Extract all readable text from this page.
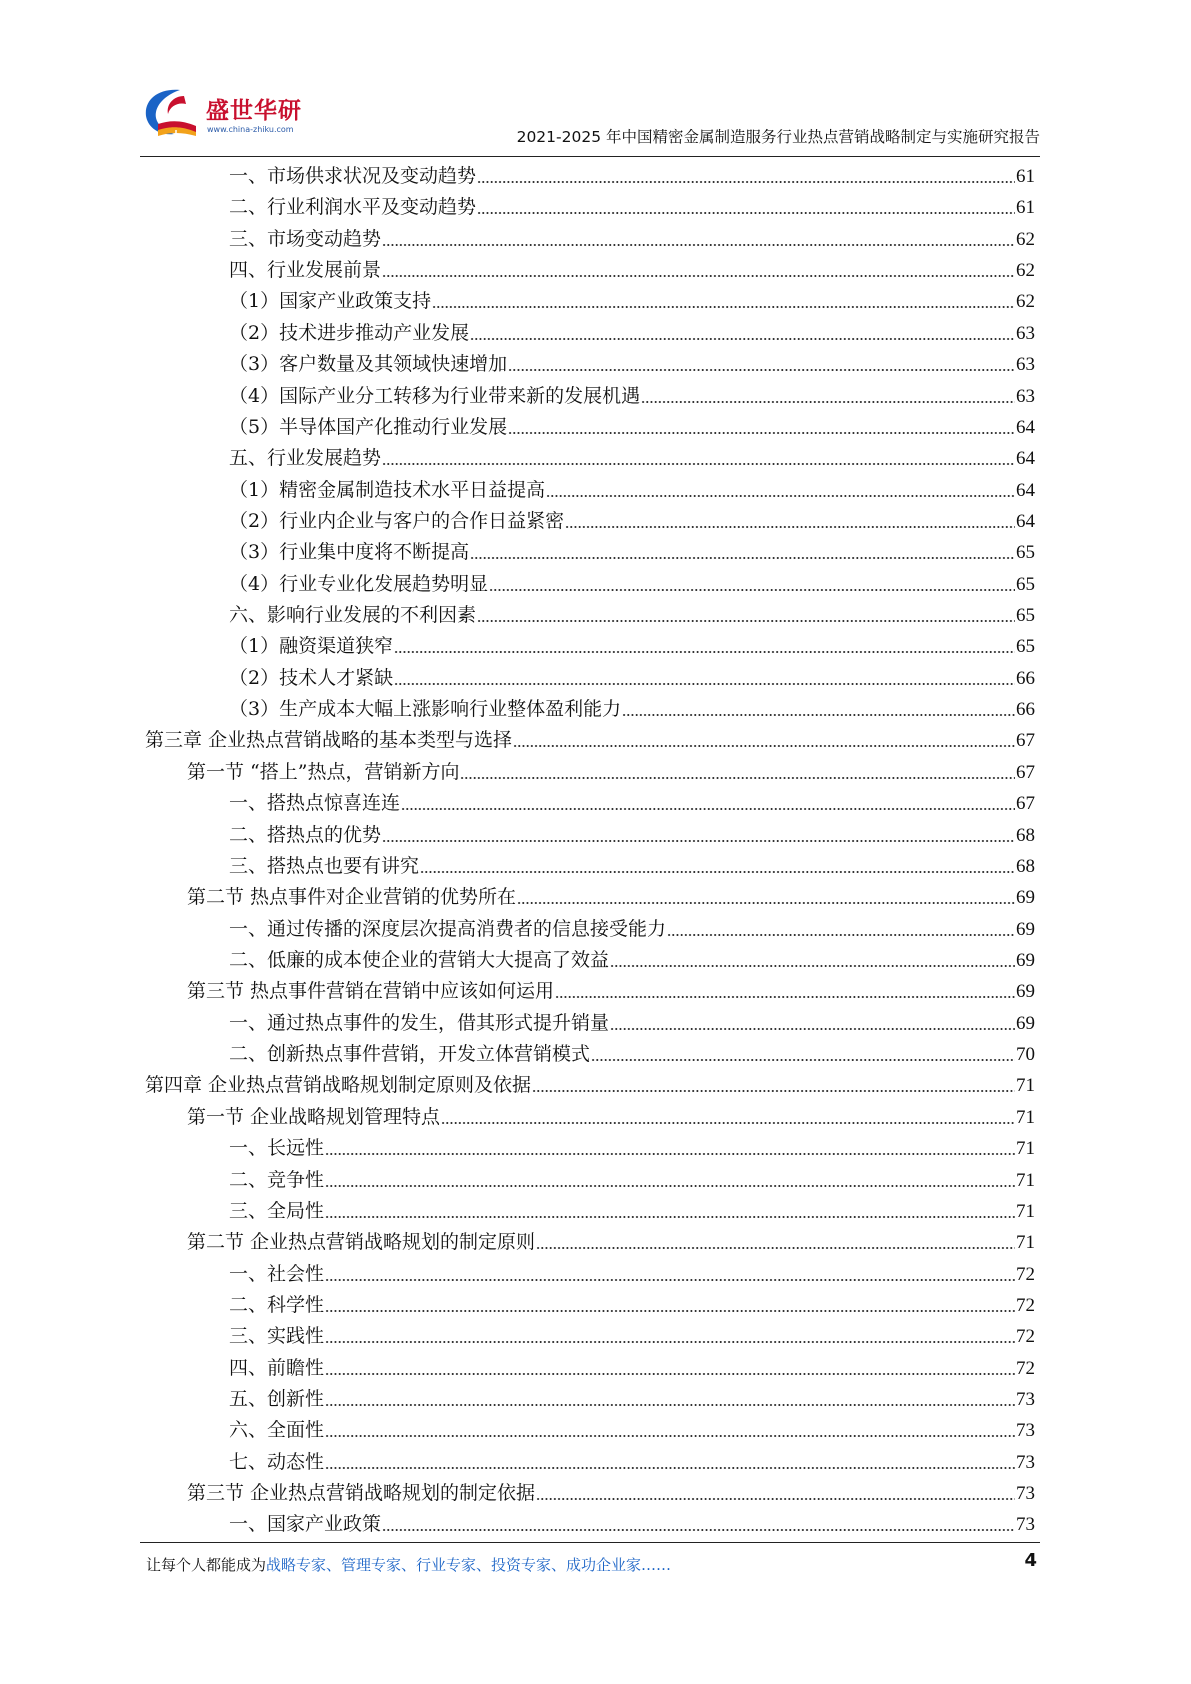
盛世华研
www.china-zhiku.com	2021-2025 年中国精密金属制造服务行业热点营销战略制定与实施研究报告
一、市场供求状况及变动趋势	61
二、行业利润水平及变动趋势	61
三、市场变动趋势	62
四、行业发展前景	62
（1）国家产业政策支持	62
（2）技术进步推动产业发展	63
（3）客户数量及其领域快速增加	63
（4）国际产业分工转移为行业带来新的发展机遇	63
（5）半导体国产化推动行业发展	64
五、行业发展趋势	64
（1）精密金属制造技术水平日益提高	64
（2）行业内企业与客户的合作日益紧密	64
（3）行业集中度将不断提高	65
（4）行业专业化发展趋势明显	65
六、影响行业发展的不利因素	65
（1）融资渠道狭窄	65
（2）技术人才紧缺	66
（3）生产成本大幅上涨影响行业整体盈利能力	66
第三章 企业热点营销战略的基本类型与选择	67
第一节 “搭上”热点，营销新方向	67
一、搭热点惊喜连连	67
二、搭热点的优势	68
三、搭热点也要有讲究	68
第二节 热点事件对企业营销的优势所在	69
一、通过传播的深度层次提高消费者的信息接受能力	69
二、低廉的成本使企业的营销大大提高了效益	69
第三节 热点事件营销在营销中应该如何运用	69
一、通过热点事件的发生，借其形式提升销量	69
二、创新热点事件营销，开发立体营销模式	70
第四章 企业热点营销战略规划制定原则及依据	71
第一节 企业战略规划管理特点	71
一、长远性	71
二、竞争性	71
三、全局性	71
第二节 企业热点营销战略规划的制定原则	71
一、社会性	72
二、科学性	72
三、实践性	72
四、前瞻性	72
五、创新性	73
六、全面性	73
七、动态性	73
第三节 企业热点营销战略规划的制定依据	73
一、国家产业政策	73
让每个人都能成为战略专家、管理专家、行业专家、投资专家、成功企业家……	4
